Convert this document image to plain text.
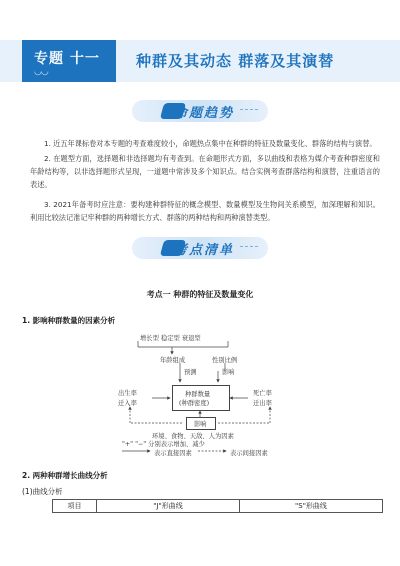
专题 十一
◡◡
种群及其动态 群落及其演替
命题趋势

1. 近五年课标卷对本专题的考查难度较小，命题热点集中在种群的特征及数量变化、群落的结构与演替。

2. 在题型方面，选择题和非选择题均有考查到。在命题形式方面，多以曲线和表格为媒介考查种群密度和年龄结构等，以非选择题形式呈现，一道题中常涉及多个知识点。结合实例考查群落结构和演替，注重语言的表述。

3. 2021年备考时应注意：要构建种群特征的概念模型、数量模型及生物间关系模型，加深理解和知识。利用比较法记准记牢种群的两种增长方式、群落的两种结构和两种演替类型。

考点清单
考点一 种群的特征及数量变化
1. 影响种群数量的因素分析
增长型 稳定型 衰退型
年龄组成	性别比例
预测	影响
种群数量
(种群密度)
出生率
迁入率
死亡率
迁出率
影响
环境、食物、天敌、人为因素
"+" "−" 分别表示增加、减少
表示直接因素	表示间接因素
2. 两种种群增长曲线分析
(1)曲线分析
项目	"J"形曲线	"S"形曲线
